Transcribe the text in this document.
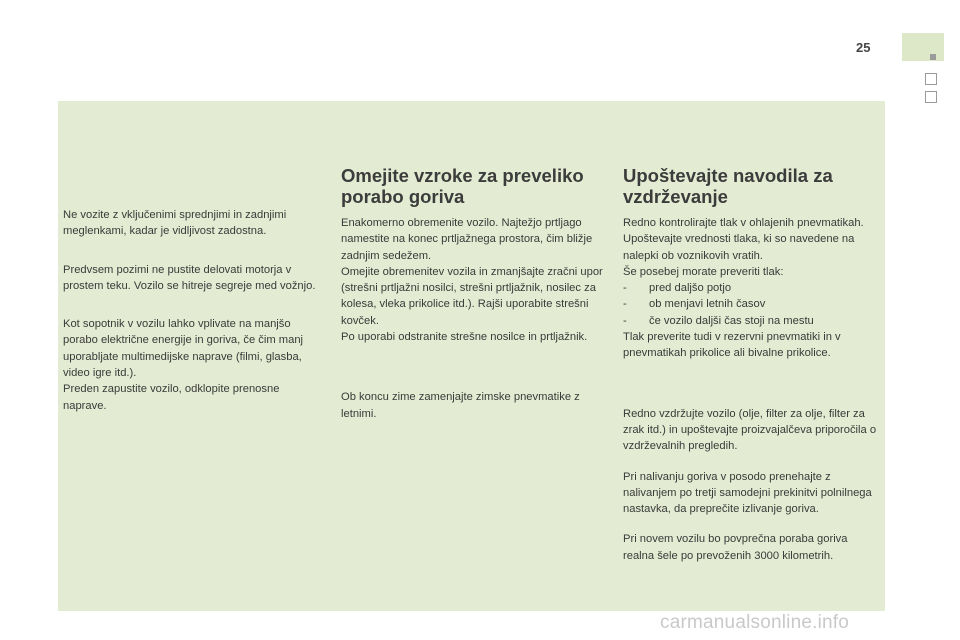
25

Ne vozite z vključenimi sprednjimi in zadnjimi meglenkami, kadar je vidljivost zadostna.

Predvsem pozimi ne pustite delovati motorja v prostem teku. Vozilo se hitreje segreje med vožnjo.

Kot sopotnik v vozilu lahko vplivate na manjšo porabo električne energije in goriva, če čim manj uporabljate multimedijske naprave (filmi, glasba, video igre itd.).

Preden zapustite vozilo, odklopite prenosne naprave.

Omejite vzroke za preveliko porabo goriva

Enakomerno obremenite vozilo. Najtežjo prtljago namestite na konec prtljažnega prostora, čim bližje zadnjim sedežem.

Omejite obremenitev vozila in zmanjšajte zračni upor (strešni prtljažni nosilci, strešni prtljažnik, nosilec za kolesa, vleka prikolice itd.). Rajši uporabite strešni kovček.

Po uporabi odstranite strešne nosilce in prtljažnik.

Ob koncu zime zamenjajte zimske pnevmatike z letnimi.

Upoštevajte navodila za vzdrževanje

Redno kontrolirajte tlak v ohlajenih pnevmatikah. Upoštevajte vrednosti tlaka, ki so navedene na nalepki ob voznikovih vratih.

Še posebej morate preveriti tlak:

-	pred daljšo potjo
-	ob menjavi letnih časov
-	če vozilo daljši čas stoji na mestu

Tlak preverite tudi v rezervni pnevmatiki in v pnevmatikah prikolice ali bivalne prikolice.

Redno vzdržujte vozilo (olje, filter za olje, filter za zrak itd.) in upoštevajte proizvajalčeva priporočila o vzdrževalnih pregledih.

Pri nalivanju goriva v posodo prenehajte z nalivanjem po tretji samodejni prekinitvi polnilnega nastavka, da preprečite izlivanje goriva.

Pri novem vozilu bo povprečna poraba goriva realna šele po prevoženih 3000 kilometrih.

carmanualsonline.info
